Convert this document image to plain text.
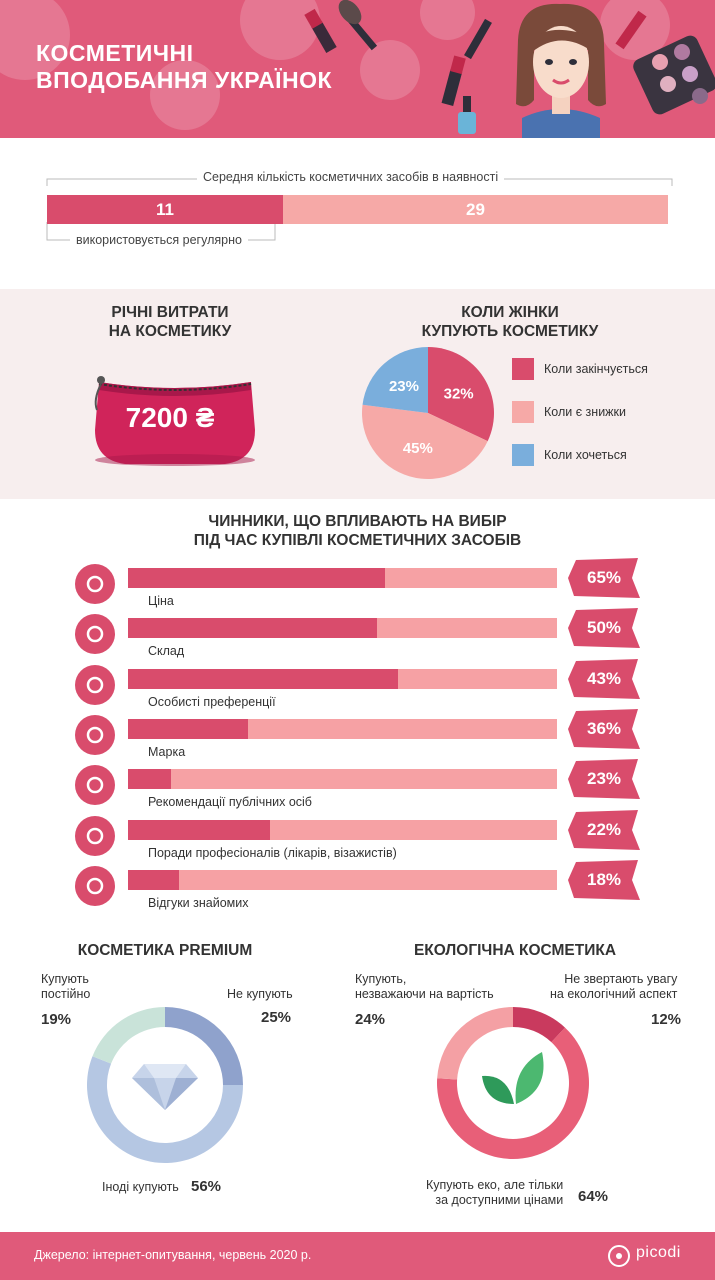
КОСМЕТИЧНІ
ВПОДОБАННЯ УКРАЇНОК
Середня кількість косметичних засобів в наявності
11	29
використовується регулярно
РІЧНІ ВИТРАТИ
НА КОСМЕТИКУ
7200 ₴
КОЛИ ЖІНКИ
КУПУЮТЬ КОСМЕТИКУ
32%
45%
23%
Коли закінчується
Коли є знижки
Коли хочеться
ЧИННИКИ, ЩО ВПЛИВАЮТЬ НА ВИБІР
ПІД ЧАС КУПІВЛІ КОСМЕТИЧНИХ ЗАСОБІВ
Ціна
65%
Склад
50%
Особисті преференції
43%
Марка
36%
Рекомендації публічних осіб
23%
Поради професіоналів (лікарів, візажистів)
22%
Відгуки знайомих
18%
КОСМЕТИКА PREMIUM
Купують
постійно
19%
Не купують
25%
Іноді купують 56%
ЕКОЛОГІЧНА КОСМЕТИКА
Купують,
незважаючи на вартість
24%
Не звертають увагу
на екологічний аспект
12%
Купують еко, але тільки
за доступними цінами 64%
Джерело: інтернет-опитування, червень 2020 р.	picodi
